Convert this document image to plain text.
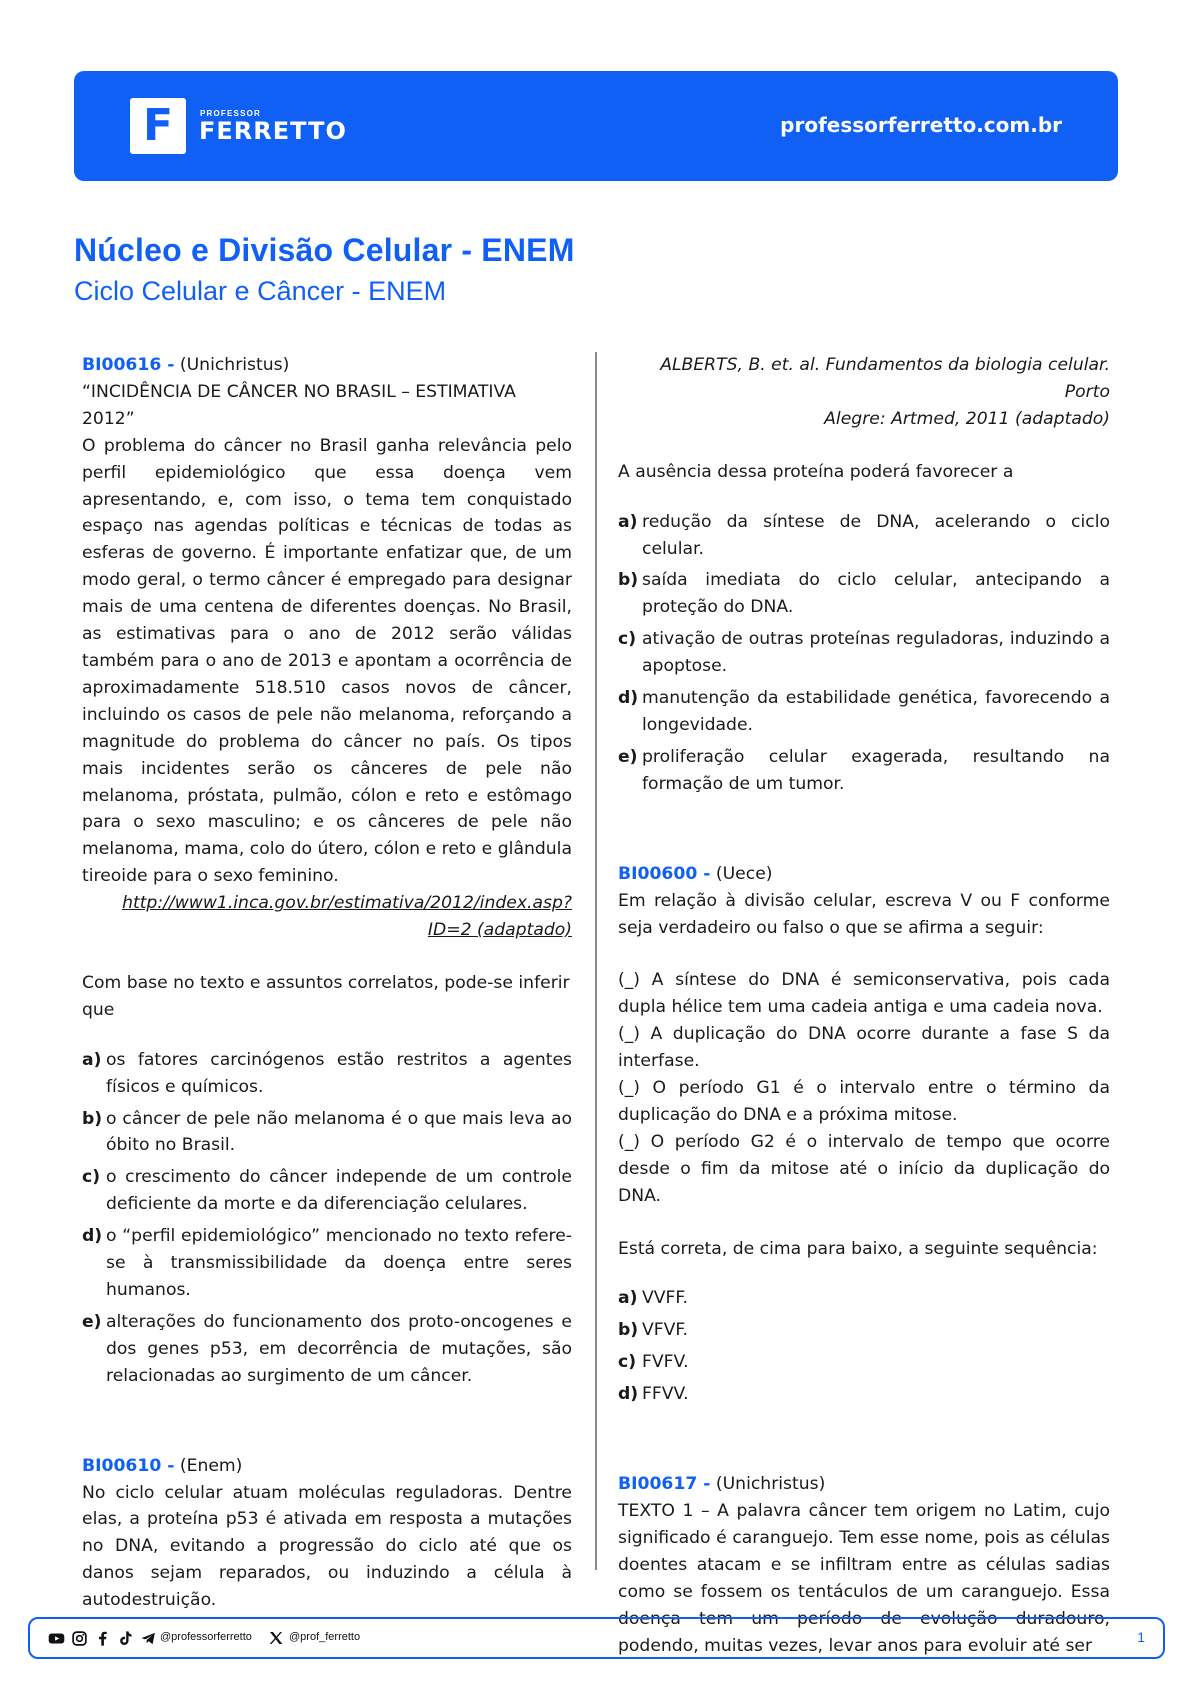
F	PROFESSOR
FERRETTO	professorferretto.com.br
Núcleo e Divisão Celular - ENEM
Ciclo Celular e Câncer - ENEM
BI00616 - (Unichristus)
“INCIDÊNCIA DE CÂNCER NO BRASIL – ESTIMATIVA 2012”
O problema do câncer no Brasil ganha relevância pelo perfil epidemiológico que essa doença vem apresentando, e, com isso, o tema tem conquistado espaço nas agendas políticas e técnicas de todas as esferas de governo. É importante enfatizar que, de um modo geral, o termo câncer é empregado para designar mais de uma centena de diferentes doenças. No Brasil, as estimativas para o ano de 2012 serão válidas também para o ano de 2013 e apontam a ocorrência de aproximadamente 518.510 casos novos de câncer, incluindo os casos de pele não melanoma, reforçando a magnitude do problema do câncer no país. Os tipos mais incidentes serão os cânceres de pele não melanoma, próstata, pulmão, cólon e reto e estômago para o sexo masculino; e os cânceres de pele não melanoma, mama, colo do útero, cólon e reto e glândula tireoide para o sexo feminino.
http://www1.inca.gov.br/estimativa/2012/index.asp?
ID=2 (adaptado)
Com base no texto e assuntos correlatos, pode-se inferir que
a) os fatores carcinógenos estão restritos a agentes físicos e químicos.
b) o câncer de pele não melanoma é o que mais leva ao óbito no Brasil.
c) o crescimento do câncer independe de um controle deficiente da morte e da diferenciação celulares.
d) o “perfil epidemiológico” mencionado no texto refere-se à transmissibilidade da doença entre seres humanos.
e) alterações do funcionamento dos proto-oncogenes e dos genes p53, em decorrência de mutações, são relacionadas ao surgimento de um câncer.
BI00610 - (Enem)
No ciclo celular atuam moléculas reguladoras. Dentre elas, a proteína p53 é ativada em resposta a mutações no DNA, evitando a progressão do ciclo até que os danos sejam reparados, ou induzindo a célula à autodestruição.
ALBERTS, B. et. al. Fundamentos da biologia celular. Porto
Alegre: Artmed, 2011 (adaptado)
A ausência dessa proteína poderá favorecer a
a) redução da síntese de DNA, acelerando o ciclo celular.
b) saída imediata do ciclo celular, antecipando a proteção do DNA.
c) ativação de outras proteínas reguladoras, induzindo a apoptose.
d) manutenção da estabilidade genética, favorecendo a longevidade.
e) proliferação celular exagerada, resultando na formação de um tumor.
BI00600 - (Uece)
Em relação à divisão celular, escreva V ou F conforme seja verdadeiro ou falso o que se afirma a seguir:
(_) A síntese do DNA é semiconservativa, pois cada dupla hélice tem uma cadeia antiga e uma cadeia nova.
(_) A duplicação do DNA ocorre durante a fase S da interfase.
(_) O período G1 é o intervalo entre o término da duplicação do DNA e a próxima mitose.
(_) O período G2 é o intervalo de tempo que ocorre desde o fim da mitose até o início da duplicação do DNA.
Está correta, de cima para baixo, a seguinte sequência:
a) VVFF.
b) VFVF.
c) FVFV.
d) FFVV.
BI00617 - (Unichristus)
TEXTO 1 – A palavra câncer tem origem no Latim, cujo significado é caranguejo. Tem esse nome, pois as células doentes atacam e se infiltram entre as células sadias como se fossem os tentáculos de um caranguejo. Essa doença tem um período de evolução duradouro, podendo, muitas vezes, levar anos para evoluir até ser
@professorferretto	@prof_ferretto	1
